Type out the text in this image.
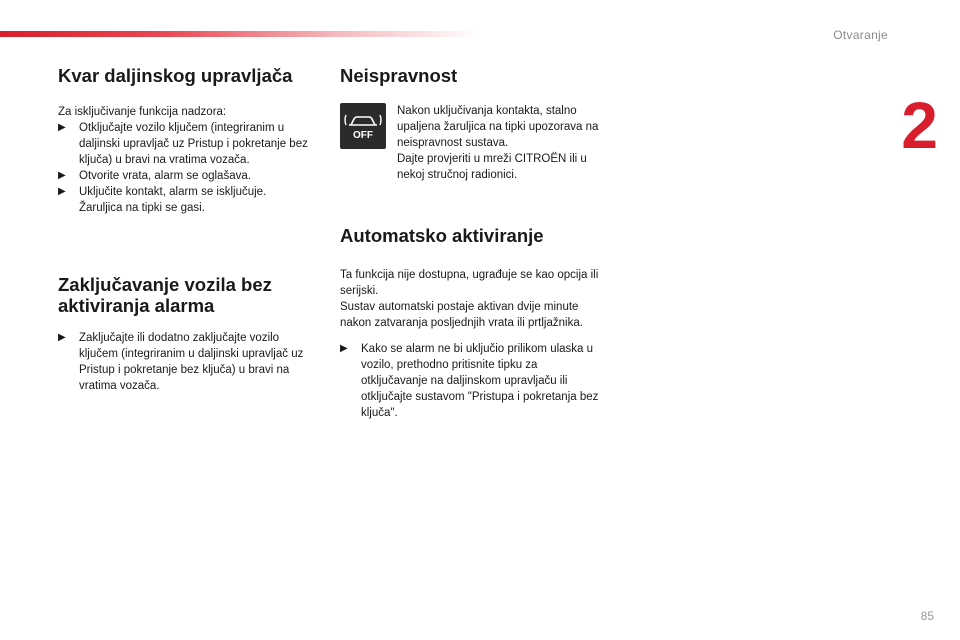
Otvaranje
2
Kvar daljinskog upravljača

Za isključivanje funkcija nadzora:

▶	Otključajte vozilo ključem (integriranim u daljinski upravljač uz Pristup i pokretanje bez ključa) u bravi na vratima vozača.
▶	Otvorite vrata, alarm se oglašava.
▶	Uključite kontakt, alarm se isključuje. Žaruljica na tipki se gasi.
Zaključavanje vozila bez aktiviranja alarma
▶	Zaključajte ili dodatno zaključajte vozilo ključem (integriranim u daljinski upravljač uz Pristup i pokretanje bez ključa) u bravi na vratima vozača.
Neispravnost
OFF

Nakon uključivanja kontakta, stalno upaljena žaruljica na tipki upozorava na neispravnost sustava.

Dajte provjeriti u mreži CITROËN ili u nekoj stručnoj radionici.

Automatsko aktiviranje

Ta funkcija nije dostupna, ugrađuje se kao opcija ili serijski.

Sustav automatski postaje aktivan dvije minute nakon zatvaranja posljednjih vrata ili prtljažnika.

▶	Kako se alarm ne bi uključio prilikom ulaska u vozilo, prethodno pritisnite tipku za otključavanje na daljinskom upravljaču ili otključajte sustavom "Pristupa i pokretanja bez ključa".
85
